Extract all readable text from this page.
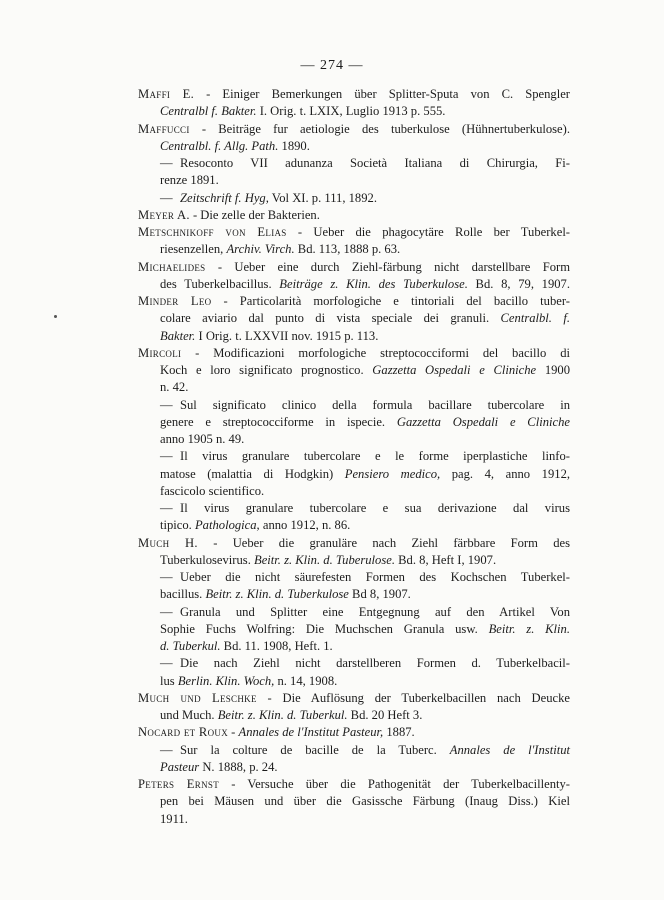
— 274 —
Maffi E. - Einiger Bemerkungen über Splitter-Sputa von C. Spengler
Centralbl f. Bakter. I. Orig. t. LXIX, Luglio 1913 p. 555.
Maffucci - Beiträge fur aetiologie des tuberkulose (Hühnertuberkulose).
Centralbl. f. Allg. Path. 1890.
— Resoconto VII adunanza Società Italiana di Chirurgia, Fi-
renze 1891.
— Zeitschrift f. Hyg, Vol XI. p. 111, 1892.
Meyer A. - Die zelle der Bakterien.
Metschnikoff von Elias - Ueber die phagocytäre Rolle ber Tuberkel-
riesenzellen, Archiv. Virch. Bd. 113, 1888 p. 63.
Michaelides - Ueber eine durch Ziehl-färbung nicht darstellbare Form
des Tuberkelbacillus. Beiträge z. Klin. des Tuberkulose. Bd. 8, 79, 1907.
Minder Leo - Particolarità morfologiche e tintoriali del bacillo tuber-
colare aviario dal punto di vista speciale dei granuli. Centralbl. f.
Bakter. I Orig. t. LXXVII nov. 1915 p. 113.
Mircoli - Modificazioni morfologiche streptococciformi del bacillo di
Koch e loro significato prognostico. Gazzetta Ospedali e Cliniche 1900
n. 42.
— Sul significato clinico della formula bacillare tubercolare in
genere e streptococciforme in ispecie. Gazzetta Ospedali e Cliniche
anno 1905 n. 49.
— Il virus granulare tubercolare e le forme iperplastiche linfo-
matose (malattia di Hodgkin) Pensiero medico, pag. 4, anno 1912,
fascicolo scientifico.
— Il virus granulare tubercolare e sua derivazione dal virus
tipico. Pathologica, anno 1912, n. 86.
Much H. - Ueber die granuläre nach Ziehl färbbare Form des
Tuberkulosevirus. Beitr. z. Klin. d. Tuberulose. Bd. 8, Heft I, 1907.
— Ueber die nicht säurefesten Formen des Kochschen Tuberkel-
bacillus. Beitr. z. Klin. d. Tuberkulose Bd 8, 1907.
— Granula und Splitter eine Entgegnung auf den Artikel Von
Sophie Fuchs Wolfring: Die Muchschen Granula usw. Beitr. z. Klin.
d. Tuberkul. Bd. 11. 1908, Heft. 1.
— Die nach Ziehl nicht darstellberen Formen d. Tuberkelbacil-
lus Berlin. Klin. Woch, n. 14, 1908.
Much und Leschke - Die Auflösung der Tuberkelbacillen nach Deucke
und Much. Beitr. z. Klin. d. Tuberkul. Bd. 20 Heft 3.
Nocard et Roux - Annales de l'Institut Pasteur, 1887.
— Sur la colture de bacille de la Tuberc. Annales de l'Institut
Pasteur N. 1888, p. 24.
Peters Ernst - Versuche über die Pathogenität der Tuberkelbacillenty-
pen bei Mäusen und über die Gasissche Färbung (Inaug Diss.) Kiel
1911.
